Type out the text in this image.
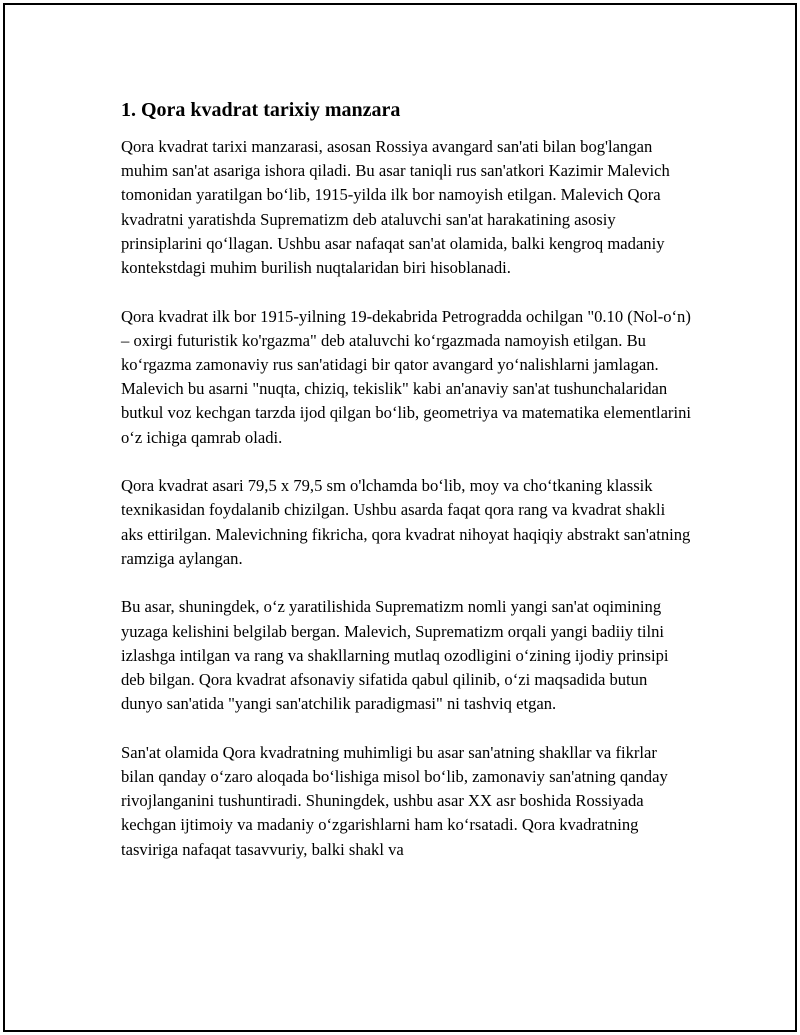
1. Qora kvadrat tarixiy manzara

Qora kvadrat tarixi manzarasi, asosan Rossiya avangard san'ati bilan bog'langan muhim san'at asariga ishora qiladi. Bu asar taniqli rus san'atkori Kazimir Malevich tomonidan yaratilgan bo‘lib, 1915-yilda ilk bor namoyish etilgan. Malevich Qora kvadratni yaratishda Suprematizm deb ataluvchi san'at harakatining asosiy prinsiplarini qo‘llagan. Ushbu asar nafaqat san'at olamida, balki kengroq madaniy kontekstdagi muhim burilish nuqtalaridan biri hisoblanadi.

Qora kvadrat ilk bor 1915-yilning 19-dekabrida Petrogradda ochilgan "0.10 (Nol-o‘n) – oxirgi futuristik ko'rgazma" deb ataluvchi ko‘rgazmada namoyish etilgan. Bu ko‘rgazma zamonaviy rus san'atidagi bir qator avangard yo‘nalishlarni jamlagan. Malevich bu asarni "nuqta, chiziq, tekislik" kabi an'anaviy san'at tushunchalaridan butkul voz kechgan tarzda ijod qilgan bo‘lib, geometriya va matematika elementlarini o‘z ichiga qamrab oladi.

Qora kvadrat asari 79,5 x 79,5 sm o'lchamda bo‘lib, moy va cho‘tkaning klassik texnikasidan foydalanib chizilgan. Ushbu asarda faqat qora rang va kvadrat shakli aks ettirilgan. Malevichning fikricha, qora kvadrat nihoyat haqiqiy abstrakt san'atning ramziga aylangan.

Bu asar, shuningdek, o‘z yaratilishida Suprematizm nomli yangi san'at oqimining yuzaga kelishini belgilab bergan. Malevich, Suprematizm orqali yangi badiiy tilni izlashga intilgan va rang va shakllarning mutlaq ozodligini o‘zining ijodiy prinsipi deb bilgan. Qora kvadrat afsonaviy sifatida qabul qilinib, o‘zi maqsadida butun dunyo san'atida "yangi san'atchilik paradigmasi" ni tashviq etgan.

San'at olamida Qora kvadratning muhimligi bu asar san'atning shakllar va fikrlar bilan qanday o‘zaro aloqada bo‘lishiga misol bo‘lib, zamonaviy san'atning qanday rivojlanganini tushuntiradi. Shuningdek, ushbu asar XX asr boshida Rossiyada kechgan ijtimoiy va madaniy o‘zgarishlarni ham ko‘rsatadi. Qora kvadratning tasviriga nafaqat tasavvuriy, balki shakl va
